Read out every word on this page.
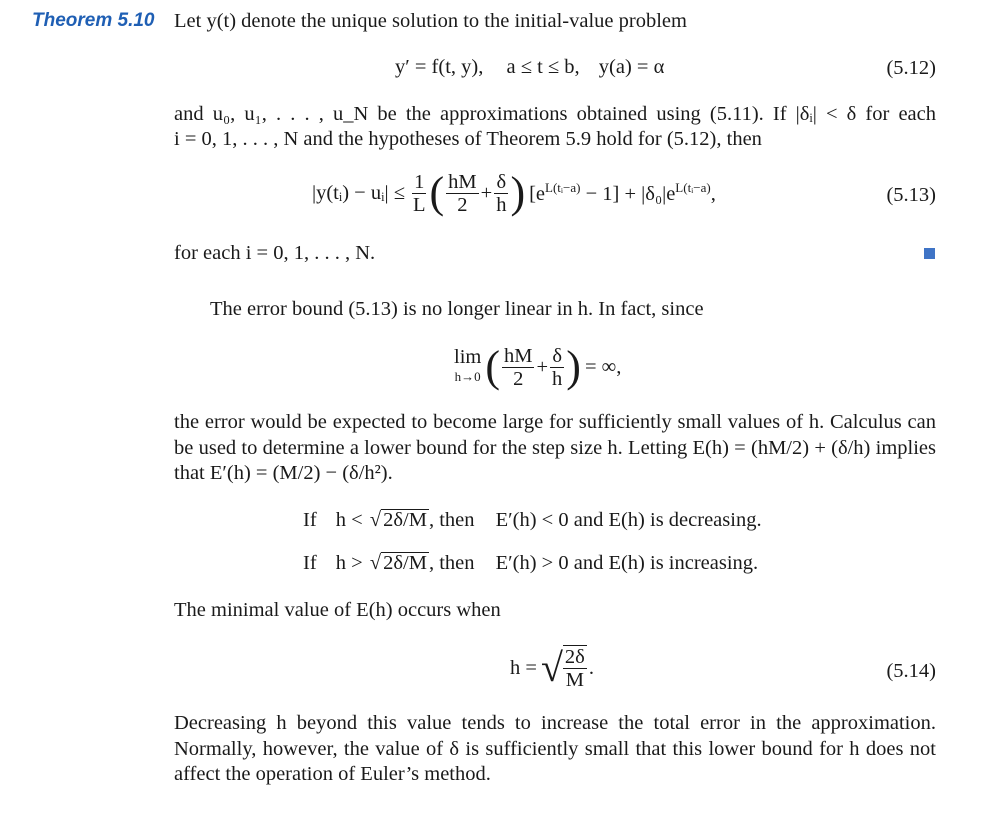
Theorem 5.10 Let y(t) denote the unique solution to the initial-value problem
y′ = f(t, y), a ≤ t ≤ b, y(a) = α	(5.12)
and u₀, u₁, . . . , u_N be the approximations obtained using (5.11). If |δᵢ| < δ for each
i = 0, 1, . . . , N and the hypotheses of Theorem 5.9 hold for (5.12), then
|y(tᵢ) − uᵢ| ≤ $\frac{1}{L}$ ( $\frac{hM}{2} + \frac{\delta}{h}$ ) $[e^{L(tᵢ-a)} - 1] + |\delta_0|e^{L(tᵢ-a)}$,	(5.13)
for each i = 0, 1, . . . , N.
The error bound (5.13) is no longer linear in h. In fact, since
lim
h→0 ( $\frac{hM}{2} + \frac{\delta}{h}$ ) = ∞,
the error would be expected to become large for sufficiently small values of h. Calculus can be used to determine a lower bound for the step size h. Letting E(h) = (hM/2) + (δ/h) implies that E′(h) = (M/2) − (δ/h²).
If h < √2δ/M, then E′(h) < 0 and E(h) is decreasing.
If h > √2δ/M, then E′(h) > 0 and E(h) is increasing.
The minimal value of E(h) occurs when
h = √ $\frac{2\delta}{M}$ .	(5.14)
Decreasing h beyond this value tends to increase the total error in the approximation. Normally, however, the value of δ is sufficiently small that this lower bound for h does not affect the operation of Euler’s method.
